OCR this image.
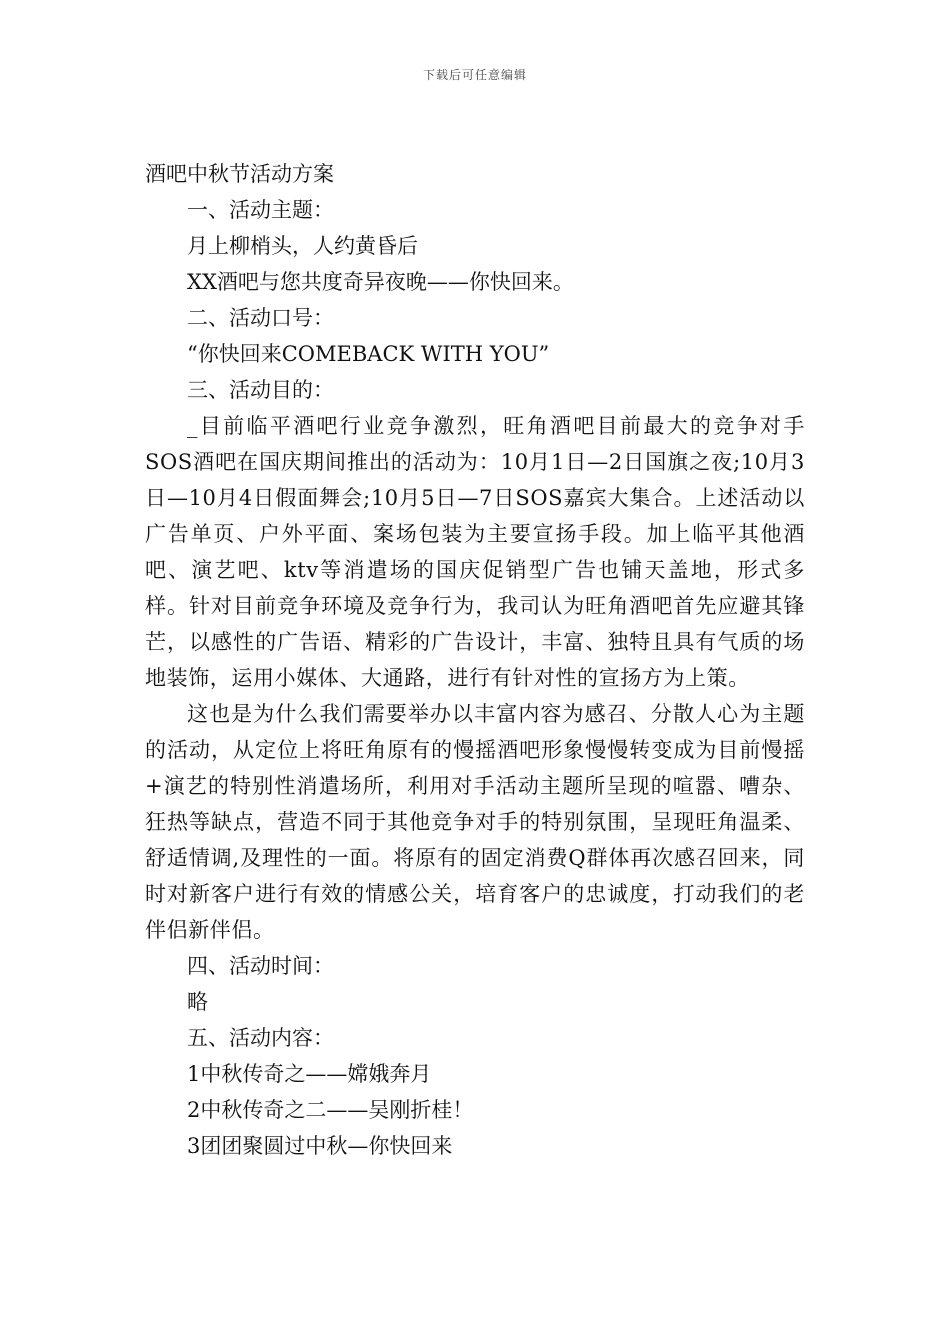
下载后可任意编辑
酒吧中秋节活动方案

一、活动主题：

月上柳梢头，人约黄昏后

XX酒吧与您共度奇异夜晚——你快回来。

二、活动口号：

“你快回来COMEBACK WITH YOU”

三、活动目的：

_目前临平酒吧行业竞争激烈，旺角酒吧目前最大的竞争对手SOS酒吧在国庆期间推出的活动为：10月1日—2日国旗之夜;10月3日—10月4日假面舞会;10月5日—7日SOS嘉宾大集合。上述活动以广告单页、户外平面、案场包装为主要宣扬手段。加上临平其他酒吧、演艺吧、ktv等消遣场的国庆促销型广告也铺天盖地，形式多样。针对目前竞争环境及竞争行为，我司认为旺角酒吧首先应避其锋芒，以感性的广告语、精彩的广告设计，丰富、独特且具有气质的场地装饰，运用小媒体、大通路，进行有针对性的宣扬方为上策。

这也是为什么我们需要举办以丰富内容为感召、分散人心为主题的活动，从定位上将旺角原有的慢摇酒吧形象慢慢转变成为目前慢摇+演艺的特别性消遣场所，利用对手活动主题所呈现的喧嚣、嘈杂、狂热等缺点，营造不同于其他竞争对手的特别氛围，呈现旺角温柔、舒适情调,及理性的一面。将原有的固定消费Q群体再次感召回来，同时对新客户进行有效的情感公关，培育客户的忠诚度，打动我们的老伴侣新伴侣。

四、活动时间：

略

五、活动内容：

1中秋传奇之——嫦娥奔月

2中秋传奇之二——吴刚折桂！

3团团聚圆过中秋—你快回来
